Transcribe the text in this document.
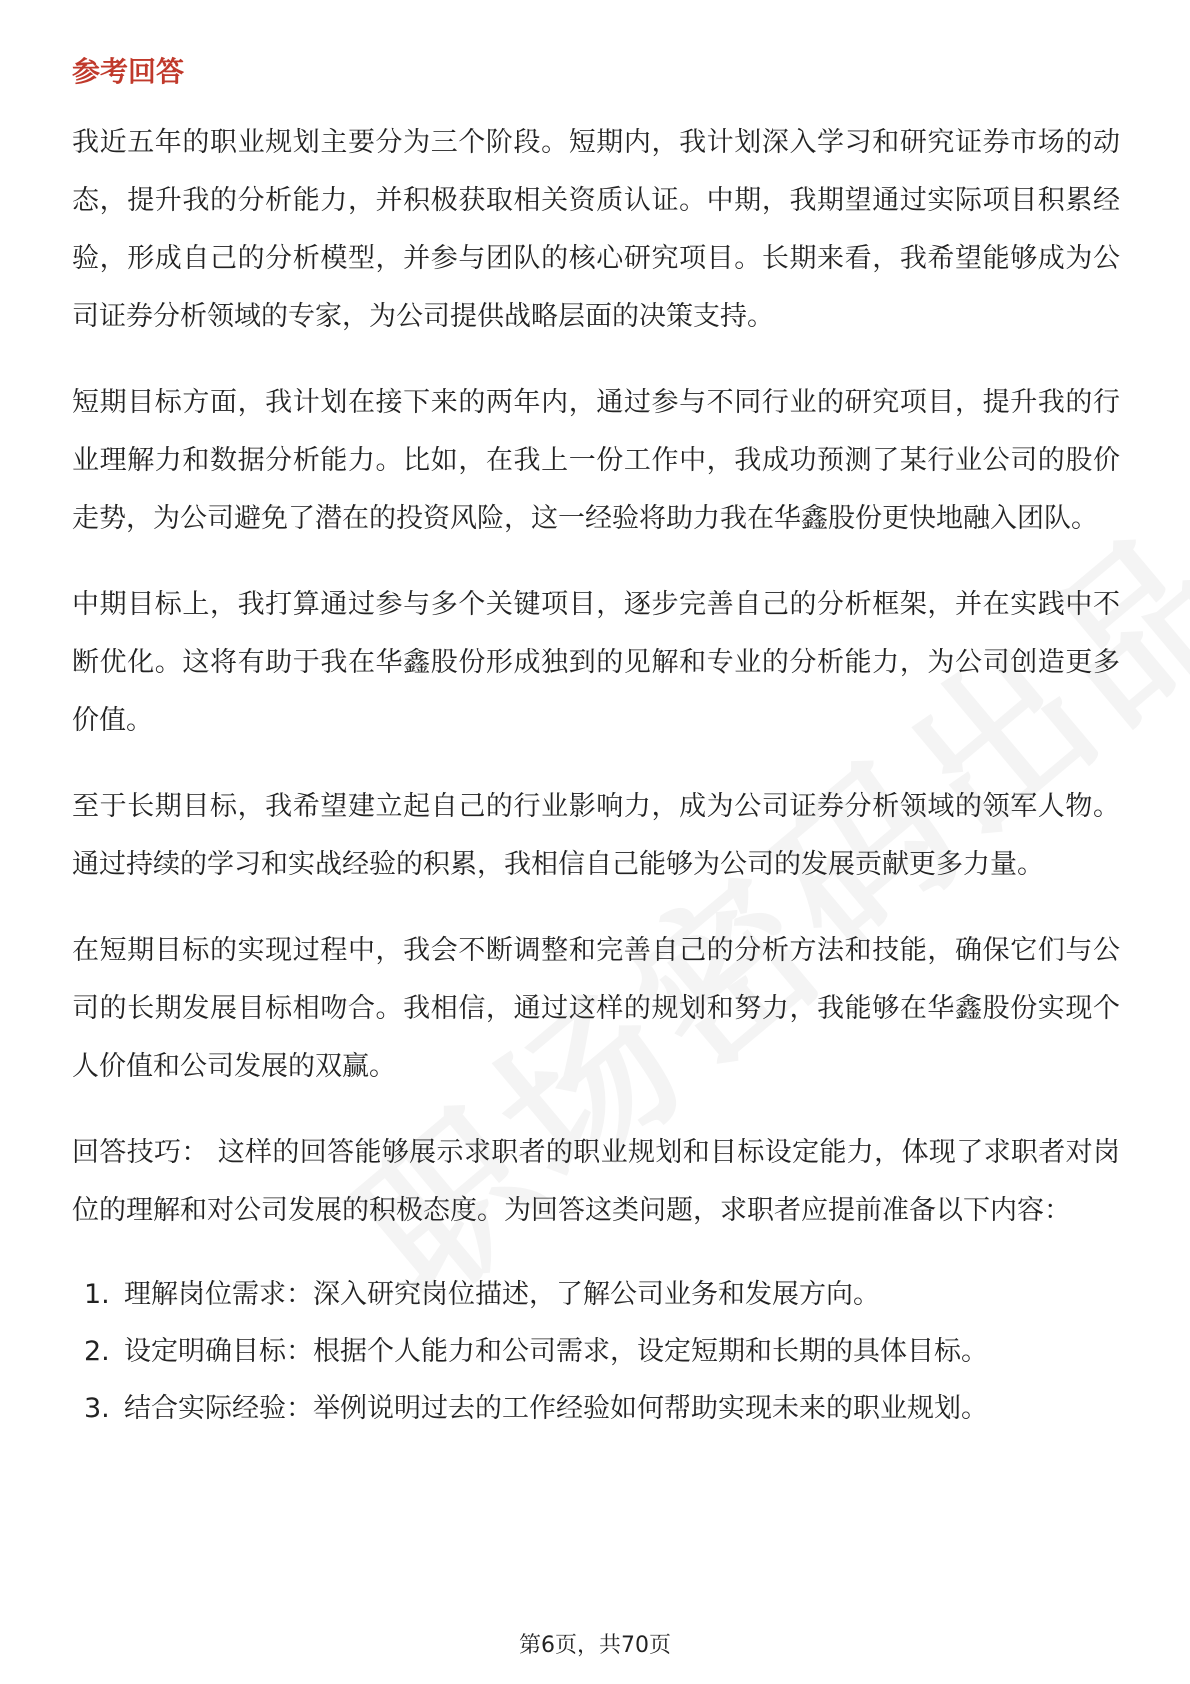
参考回答

我近五年的职业规划主要分为三个阶段。短期内，我计划深入学习和研究证券市场的动态，提升我的分析能力，并积极获取相关资质认证。中期，我期望通过实际项目积累经验，形成自己的分析模型，并参与团队的核心研究项目。长期来看，我希望能够成为公司证券分析领域的专家，为公司提供战略层面的决策支持。

短期目标方面，我计划在接下来的两年内，通过参与不同行业的研究项目，提升我的行业理解力和数据分析能力。比如，在我上一份工作中，我成功预测了某行业公司的股价走势，为公司避免了潜在的投资风险，这一经验将助力我在华鑫股份更快地融入团队。

中期目标上，我打算通过参与多个关键项目，逐步完善自己的分析框架，并在实践中不断优化。这将有助于我在华鑫股份形成独到的见解和专业的分析能力，为公司创造更多价值。

至于长期目标，我希望建立起自己的行业影响力，成为公司证券分析领域的领军人物。通过持续的学习和实战经验的积累，我相信自己能够为公司的发展贡献更多力量。

在短期目标的实现过程中，我会不断调整和完善自己的分析方法和技能，确保它们与公司的长期发展目标相吻合。我相信，通过这样的规划和努力，我能够在华鑫股份实现个人价值和公司发展的双赢。

回答技巧： 这样的回答能够展示求职者的职业规划和目标设定能力，体现了求职者对岗位的理解和对公司发展的积极态度。为回答这类问题，求职者应提前准备以下内容：

1. 理解岗位需求：深入研究岗位描述，了解公司业务和发展方向。
2. 设定明确目标：根据个人能力和公司需求，设定短期和长期的具体目标。
3. 结合实际经验：举例说明过去的工作经验如何帮助实现未来的职业规划。
第6页，共70页
